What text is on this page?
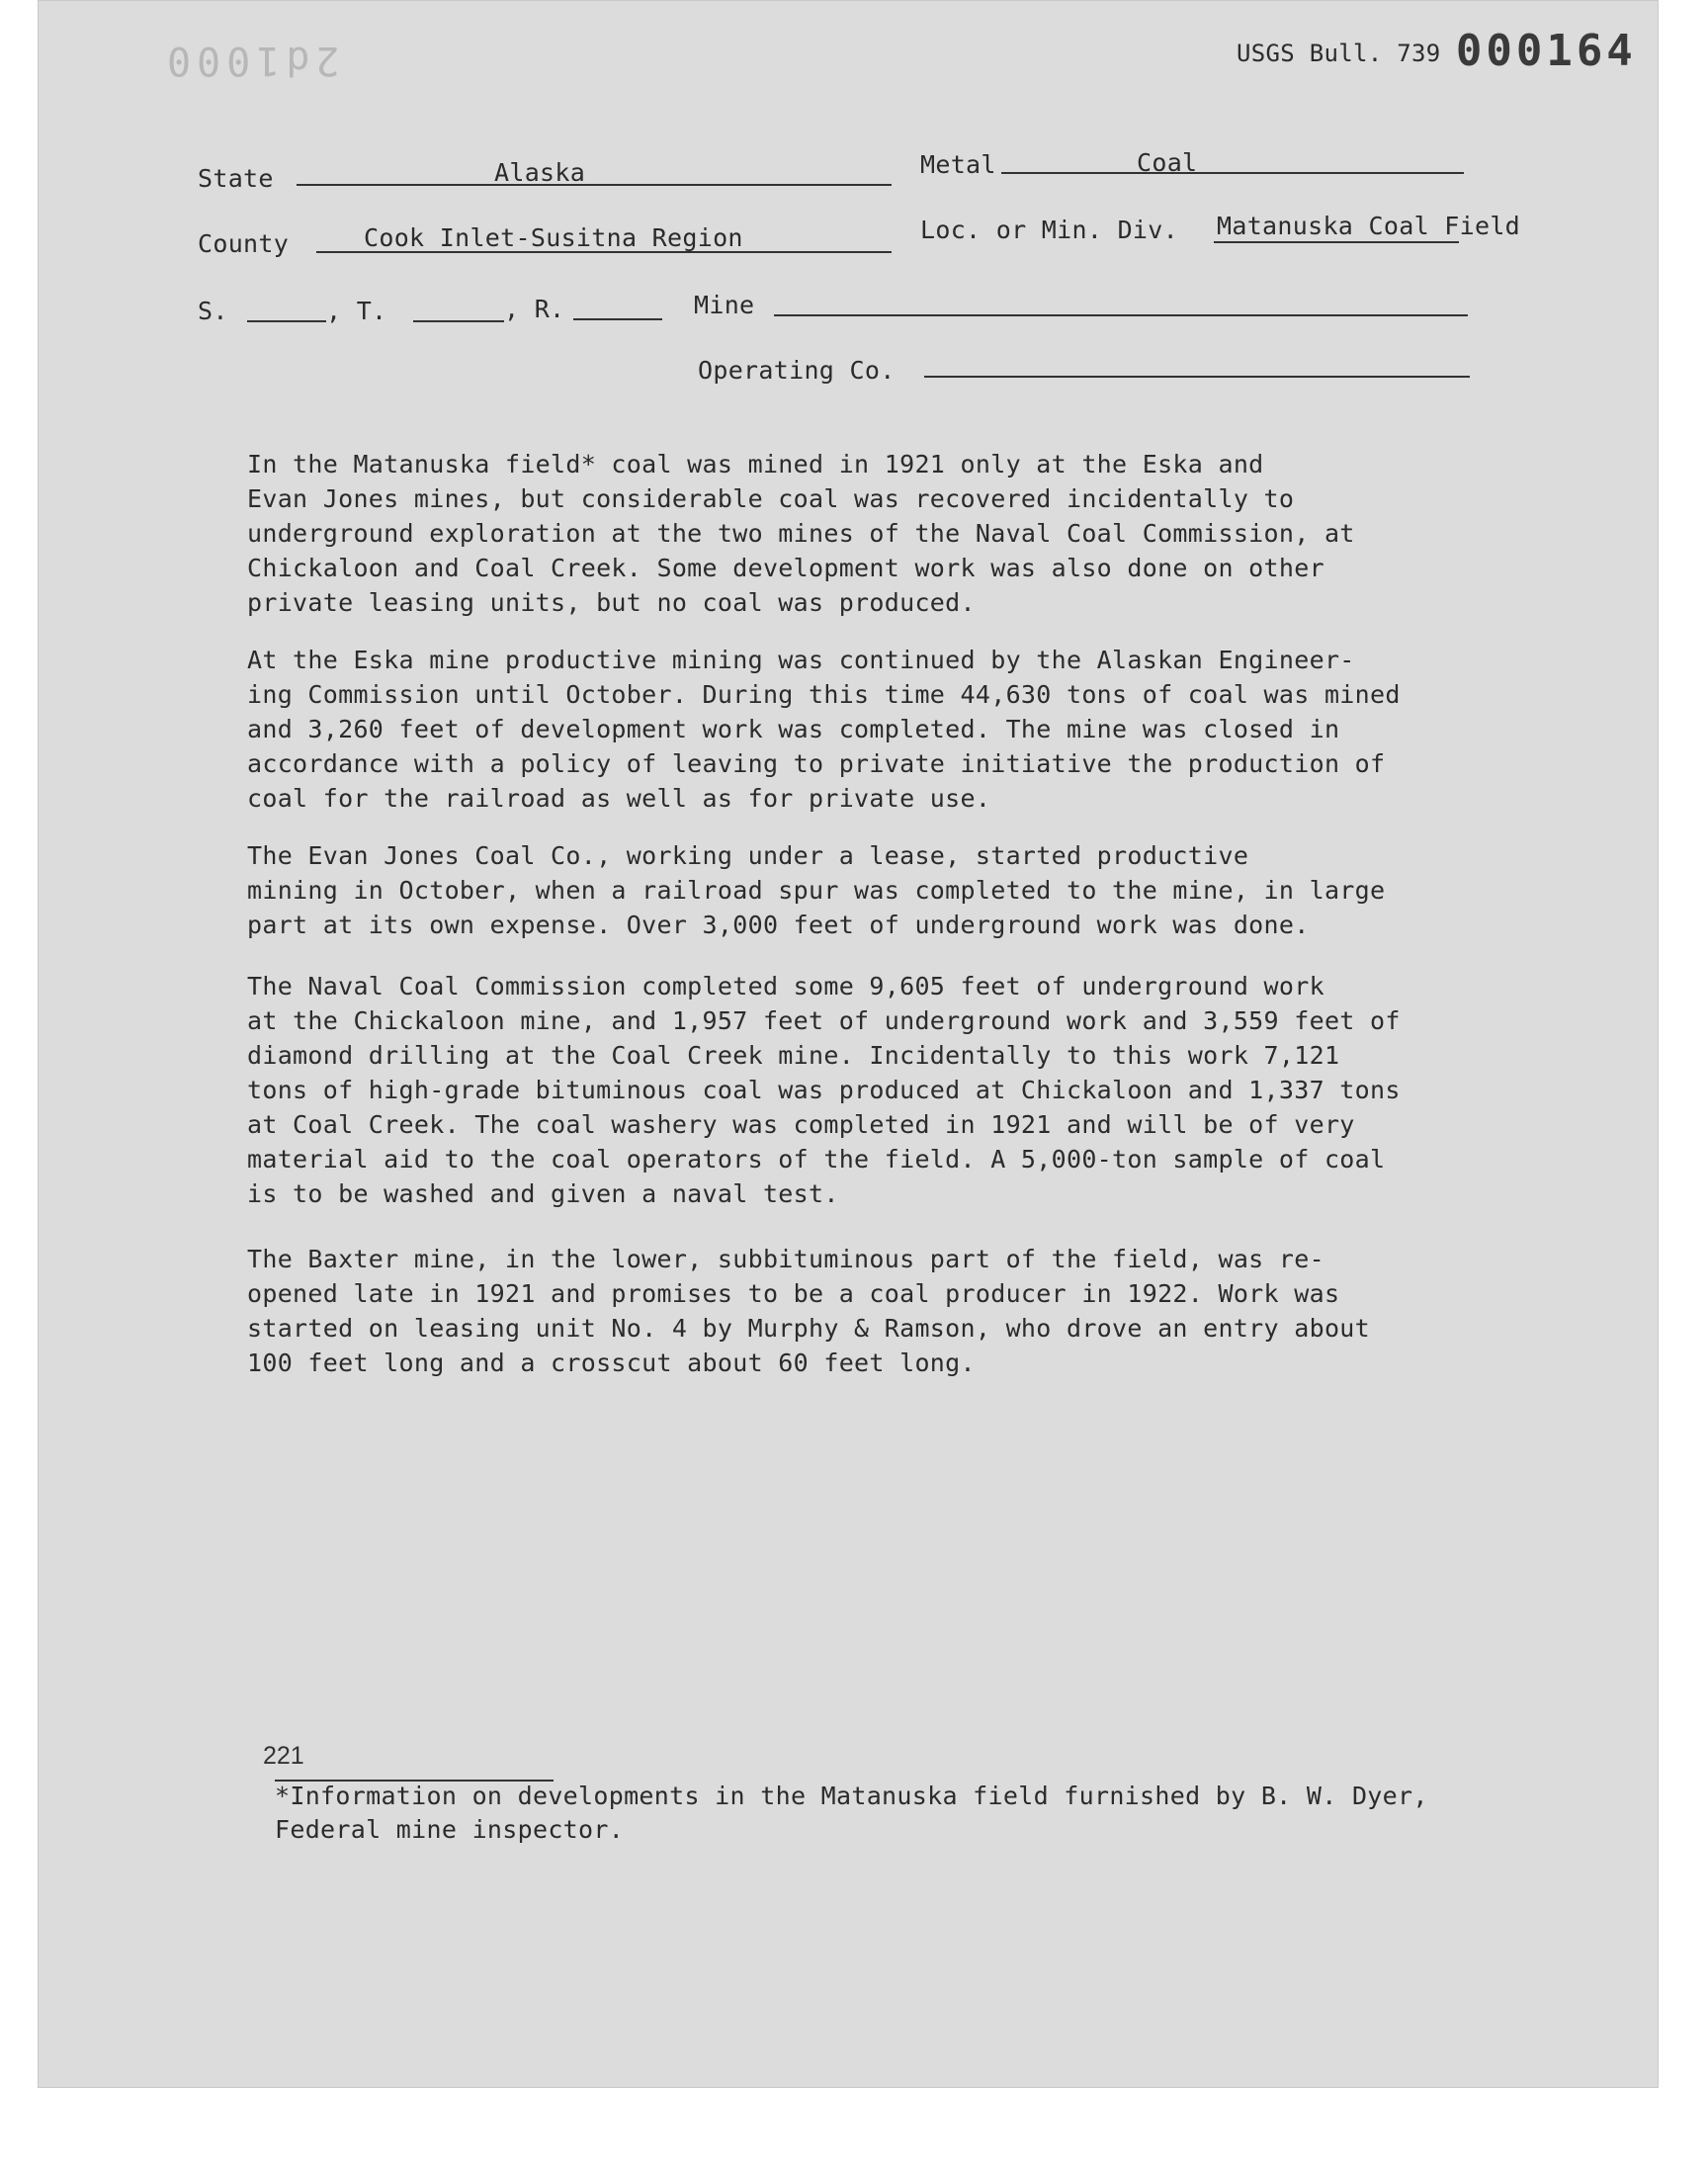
2d1000	USGS Bull. 739 000164
State	Alaska	Metal	Coal
County	Cook Inlet-Susitna Region	Loc. or Min. Div. Matanuska Coal Field
S.	, T.	, R.	Mine
Operating Co.
In the Matanuska field* coal was mined in 1921 only at the Eska and
Evan Jones mines, but considerable coal was recovered incidentally to
underground exploration at the two mines of the Naval Coal Commission, at
Chickaloon and Coal Creek. Some development work was also done on other
private leasing units, but no coal was produced.
At the Eska mine productive mining was continued by the Alaskan Engineer-
ing Commission until October. During this time 44,630 tons of coal was mined
and 3,260 feet of development work was completed. The mine was closed in
accordance with a policy of leaving to private initiative the production of
coal for the railroad as well as for private use.
The Evan Jones Coal Co., working under a lease, started productive
mining in October, when a railroad spur was completed to the mine, in large
part at its own expense. Over 3,000 feet of underground work was done.
The Naval Coal Commission completed some 9,605 feet of underground work
at the Chickaloon mine, and 1,957 feet of underground work and 3,559 feet of
diamond drilling at the Coal Creek mine. Incidentally to this work 7,121
tons of high-grade bituminous coal was produced at Chickaloon and 1,337 tons
at Coal Creek. The coal washery was completed in 1921 and will be of very
material aid to the coal operators of the field. A 5,000-ton sample of coal
is to be washed and given a naval test.
The Baxter mine, in the lower, subbituminous part of the field, was re-
opened late in 1921 and promises to be a coal producer in 1922. Work was
started on leasing unit No. 4 by Murphy & Ramson, who drove an entry about
100 feet long and a crosscut about 60 feet long.
221
*Information on developments in the Matanuska field furnished by B. W. Dyer,
Federal mine inspector.
